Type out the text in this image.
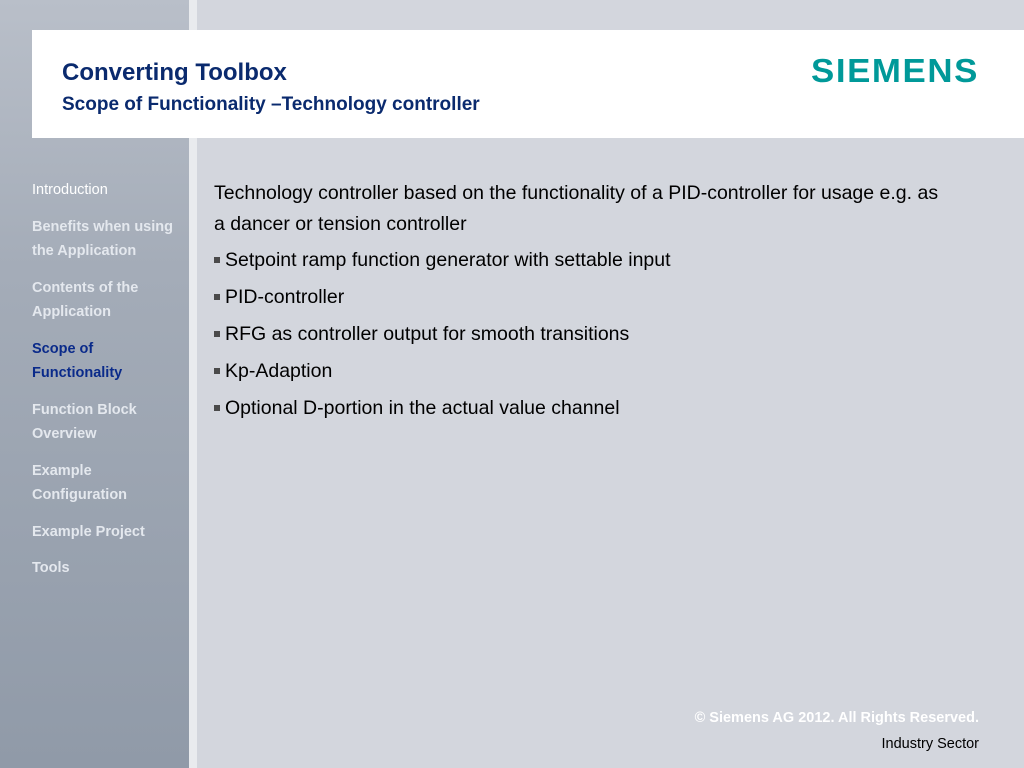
Converting Toolbox
Scope of Functionality –Technology controller
SIEMENS
Introduction
Benefits when using the Application
Contents of the Application
Scope of Functionality
Function Block Overview
Example Configuration
Example Project
Tools

Technology controller based on the functionality of a PID-controller for usage e.g. as a dancer or tension controller

Setpoint ramp function generator with settable input
PID-controller
RFG as controller output for smooth transitions
Kp-Adaption
Optional D-portion in the actual value channel
© Siemens AG 2012. All Rights Reserved.
Industry Sector
